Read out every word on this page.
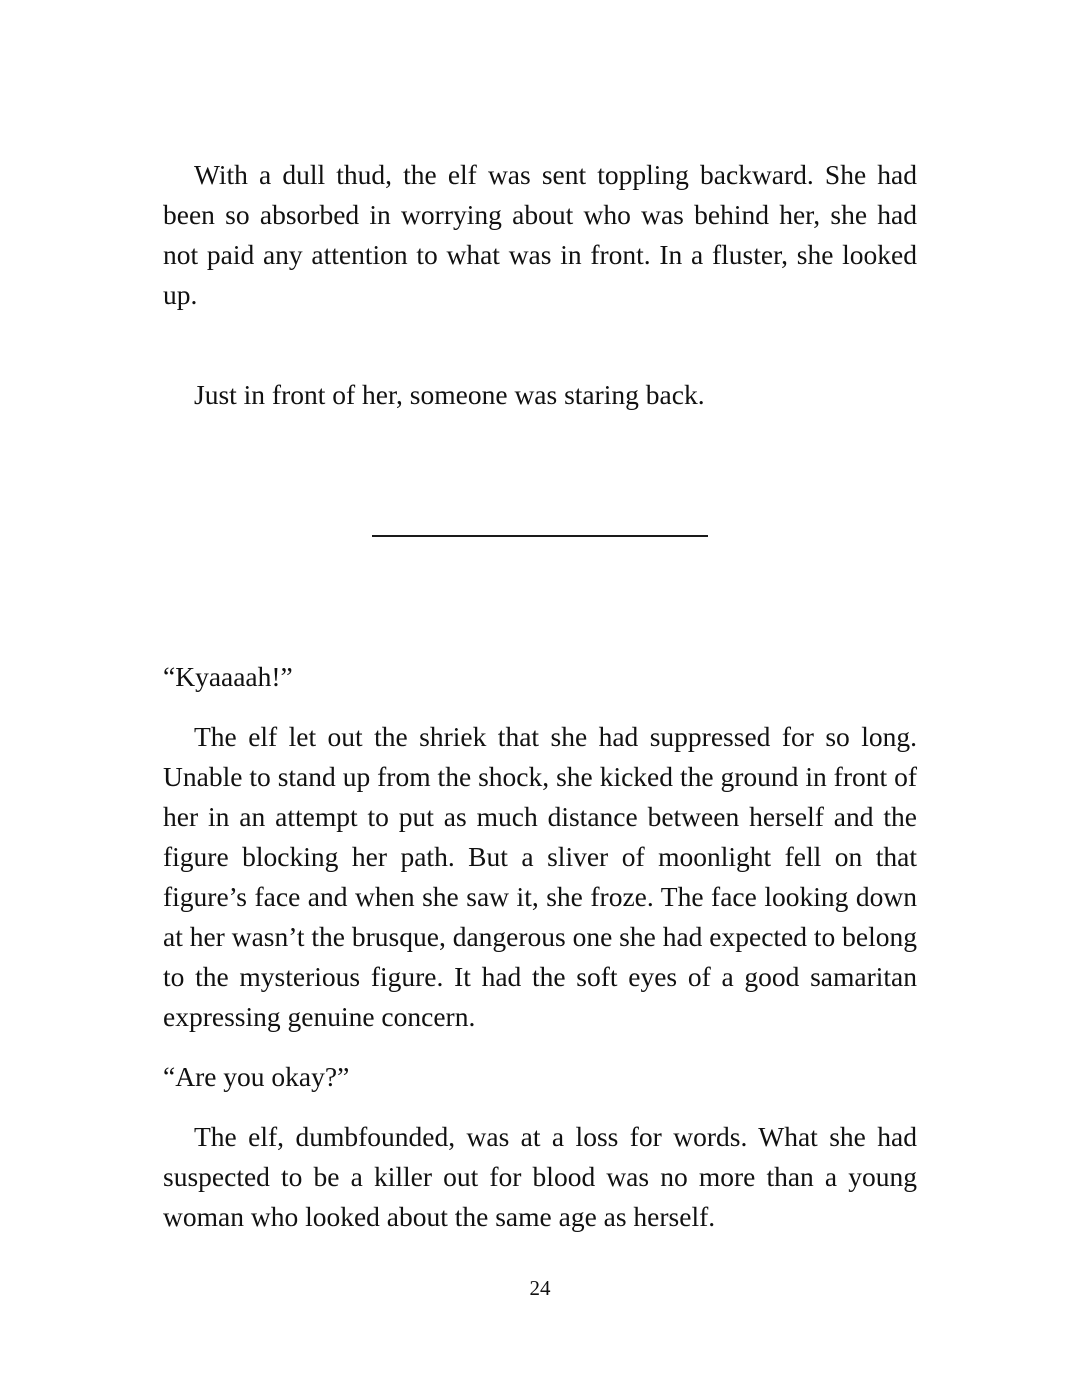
With a dull thud, the elf was sent toppling backward. She had been so absorbed in worrying about who was behind her, she had not paid any attention to what was in front. In a fluster, she looked up.

Just in front of her, someone was staring back.

“Kyaaaah!”

The elf let out the shriek that she had suppressed for so long. Unable to stand up from the shock, she kicked the ground in front of her in an attempt to put as much distance between herself and the figure blocking her path. But a sliver of moonlight fell on that figure’s face and when she saw it, she froze. The face looking down at her wasn’t the brusque, dangerous one she had expected to belong to the mysterious figure. It had the soft eyes of a good samaritan expressing genuine concern.

“Are you okay?”

The elf, dumbfounded, was at a loss for words. What she had suspected to be a killer out for blood was no more than a young woman who looked about the same age as herself.

24
